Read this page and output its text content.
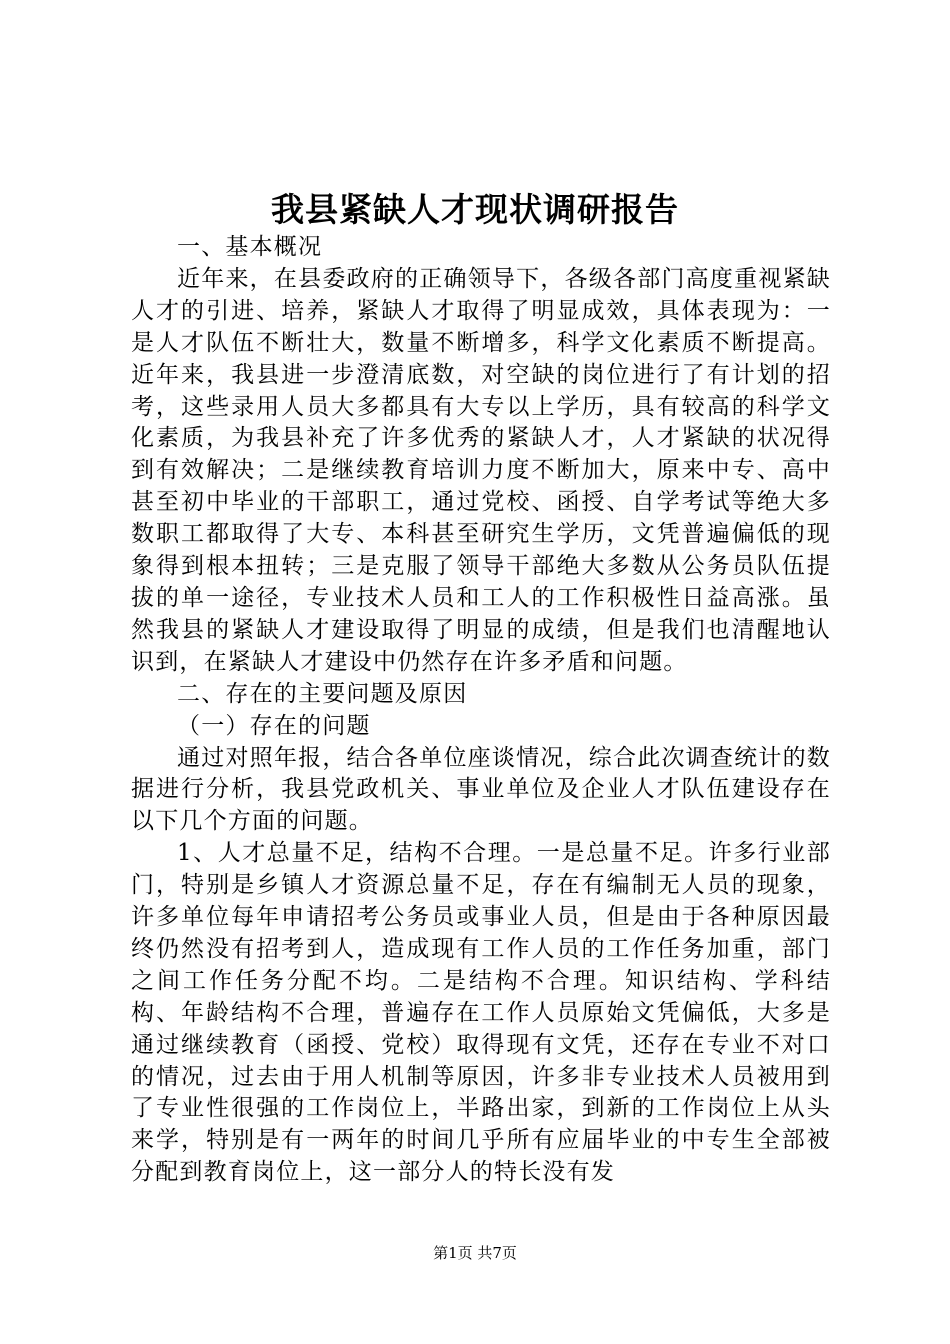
我县紧缺人才现状调研报告

一、基本概况

近年来，在县委政府的正确领导下，各级各部门高度重视紧缺人才的引进、培养，紧缺人才取得了明显成效，具体表现为：一是人才队伍不断壮大，数量不断增多，科学文化素质不断提高。近年来，我县进一步澄清底数，对空缺的岗位进行了有计划的招考，这些录用人员大多都具有大专以上学历，具有较高的科学文化素质，为我县补充了许多优秀的紧缺人才，人才紧缺的状况得到有效解决；二是继续教育培训力度不断加大，原来中专、高中甚至初中毕业的干部职工，通过党校、函授、自学考试等绝大多数职工都取得了大专、本科甚至研究生学历，文凭普遍偏低的现象得到根本扭转；三是克服了领导干部绝大多数从公务员队伍提拔的单一途径，专业技术人员和工人的工作积极性日益高涨。虽然我县的紧缺人才建设取得了明显的成绩，但是我们也清醒地认识到，在紧缺人才建设中仍然存在许多矛盾和问题。

二、存在的主要问题及原因

（一）存在的问题

通过对照年报，结合各单位座谈情况，综合此次调查统计的数据进行分析，我县党政机关、事业单位及企业人才队伍建设存在以下几个方面的问题。

1、人才总量不足，结构不合理。一是总量不足。许多行业部门，特别是乡镇人才资源总量不足，存在有编制无人员的现象，许多单位每年申请招考公务员或事业人员，但是由于各种原因最终仍然没有招考到人，造成现有工作人员的工作任务加重，部门之间工作任务分配不均。二是结构不合理。知识结构、学科结构、年龄结构不合理，普遍存在工作人员原始文凭偏低，大多是通过继续教育（函授、党校）取得现有文凭，还存在专业不对口的情况，过去由于用人机制等原因，许多非专业技术人员被用到了专业性很强的工作岗位上，半路出家，到新的工作岗位上从头来学，特别是有一两年的时间几乎所有应届毕业的中专生全部被分配到教育岗位上，这一部分人的特长没有发

第1页 共7页
